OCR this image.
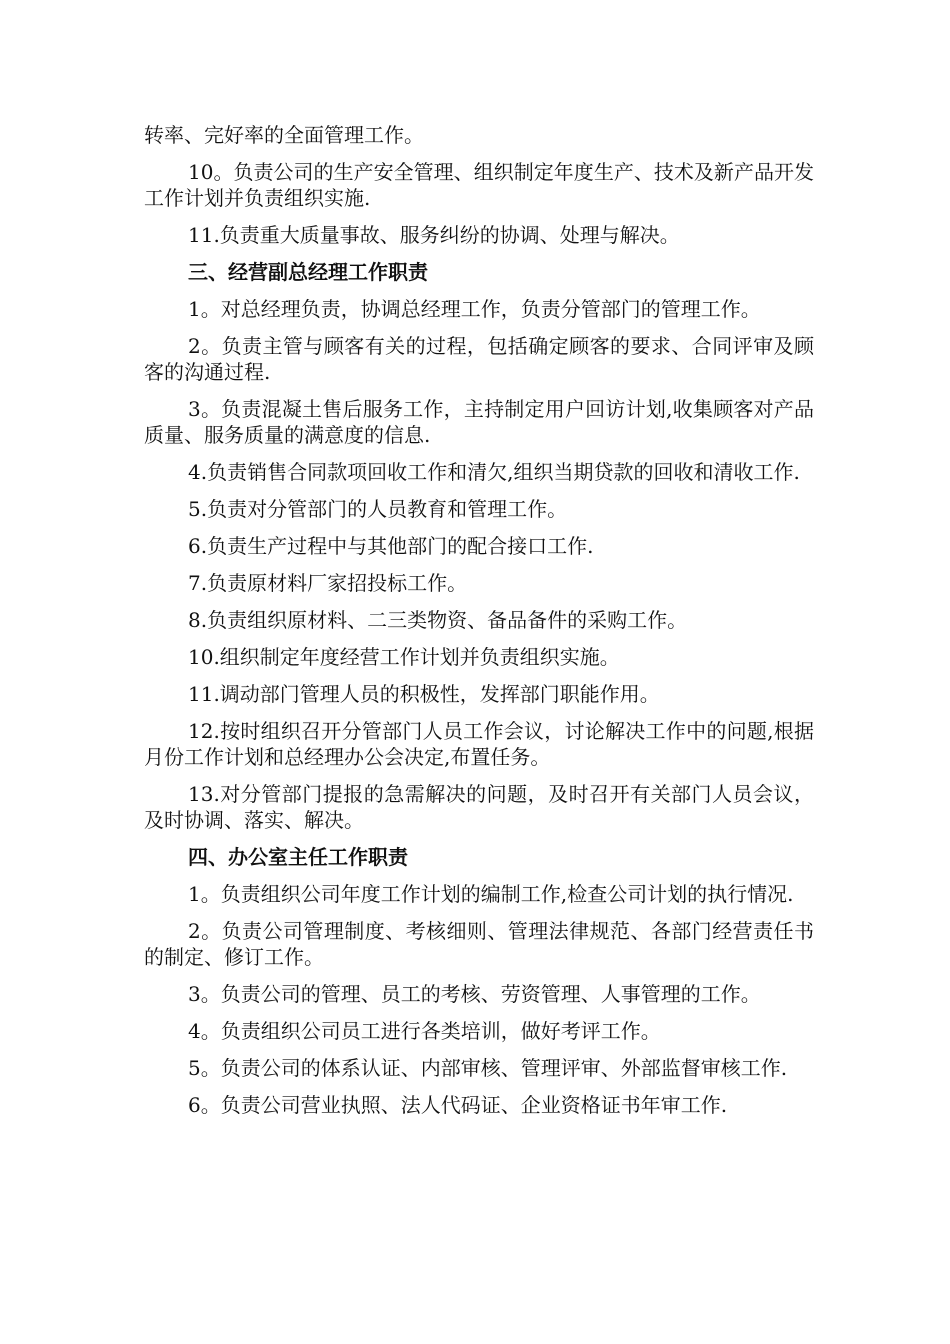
转率、完好率的全面管理工作。

10。负责公司的生产安全管理、组织制定年度生产、技术及新产品开发工作计划并负责组织实施.

11.负责重大质量事故、服务纠纷的协调、处理与解决。

三、经营副总经理工作职责

1。对总经理负责，协调总经理工作，负责分管部门的管理工作。

2。负责主管与顾客有关的过程，包括确定顾客的要求、合同评审及顾客的沟通过程.

3。负责混凝土售后服务工作，主持制定用户回访计划,收集顾客对产品质量、服务质量的满意度的信息.

4.负责销售合同款项回收工作和清欠,组织当期贷款的回收和清收工作.

5.负责对分管部门的人员教育和管理工作。

6.负责生产过程中与其他部门的配合接口工作.

7.负责原材料厂家招投标工作。

8.负责组织原材料、二三类物资、备品备件的采购工作。

10.组织制定年度经营工作计划并负责组织实施。

11.调动部门管理人员的积极性，发挥部门职能作用。

12.按时组织召开分管部门人员工作会议，讨论解决工作中的问题,根据月份工作计划和总经理办公会决定,布置任务。

13.对分管部门提报的急需解决的问题，及时召开有关部门人员会议，及时协调、落实、解决。

四、办公室主任工作职责

1。负责组织公司年度工作计划的编制工作,检查公司计划的执行情况.

2。负责公司管理制度、考核细则、管理法律规范、各部门经营责任书的制定、修订工作。

3。负责公司的管理、员工的考核、劳资管理、人事管理的工作。

4。负责组织公司员工进行各类培训，做好考评工作。

5。负责公司的体系认证、内部审核、管理评审、外部监督审核工作.

6。负责公司营业执照、法人代码证、企业资格证书年审工作.
